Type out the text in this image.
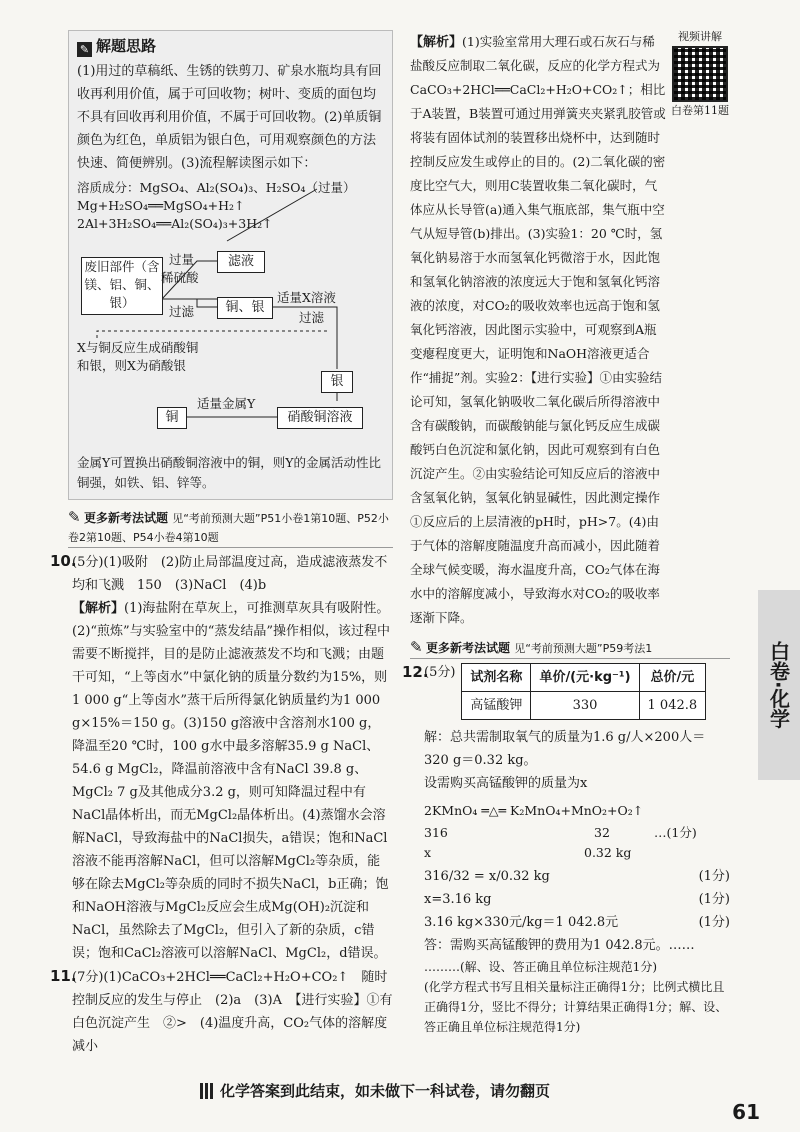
✎ 解题思路
(1)用过的草稿纸、生锈的铁剪刀、矿泉水瓶均具有回收再利用价值，属于可回收物；树叶、变质的面包均不具有回收再利用价值，不属于可回收物。(2)单质铜颜色为红色，单质铝为银白色，可用观察颜色的方法快速、简便辨别。(3)流程解读图示如下：
溶质成分：MgSO₄、Al₂(SO₄)₃、H₂SO₄（过量）
Mg+H₂SO₄══MgSO₄+H₂↑
2Al+3H₂SO₄══Al₂(SO₄)₃+3H₂↑
废旧部件（含镁、铝、铜、银）
过量
稀硫酸
过滤
滤液
铜、银
适量X溶液
过滤
X与铜反应生成硝酸铜和银，则X为硝酸银
银
适量金属Y
硝酸铜溶液
铜
金属Y可置换出硝酸铜溶液中的铜，则Y的金属活动性比铜强，如铁、铝、锌等。
✎ 更多新考法试题 见“考前预测大题”P51小卷1第10题、P52小卷2第10题、P54小卷4第10题
10.(5分)(1)吸附　(2)防止局部温度过高，造成滤液蒸发不均和飞溅　150　(3)NaCl　(4)b
【解析】(1)海盐附在草灰上，可推测草灰具有吸附性。(2)“煎炼”与实验室中的“蒸发结晶”操作相似，该过程中需要不断搅拌，目的是防止滤液蒸发不均和飞溅；由题干可知，“上等卤水”中氯化钠的质量分数约为15%，则1 000 g“上等卤水”蒸干后所得氯化钠质量约为1 000 g×15%＝150 g。(3)150 g溶液中含溶剂水100 g，降温至20 ℃时，100 g水中最多溶解35.9 g NaCl、54.6 g MgCl₂，降温前溶液中含有NaCl 39.8 g、MgCl₂ 7 g及其他成分3.2 g，则可知降温过程中有NaCl晶体析出，而无MgCl₂晶体析出。(4)蒸馏水会溶解NaCl，导致海盐中的NaCl损失，a错误；饱和NaCl溶液不能再溶解NaCl，但可以溶解MgCl₂等杂质，能够在除去MgCl₂等杂质的同时不损失NaCl，b正确；饱和NaOH溶液与MgCl₂反应会生成Mg(OH)₂沉淀和NaCl，虽然除去了MgCl₂，但引入了新的杂质，c错误；饱和CaCl₂溶液可以溶解NaCl、MgCl₂，d错误。
11.(7分)(1)CaCO₃+2HCl══CaCl₂+H₂O+CO₂↑　随时控制反应的发生与停止　(2)a　(3)A　【进行实验】①有白色沉淀产生　②>　(4)温度升高，CO₂气体的溶解度减小
视频讲解
白卷第11题
【解析】(1)实验室常用大理石或石灰石与稀盐酸反应制取二氧化碳，反应的化学方程式为CaCO₃+2HCl══CaCl₂+H₂O+CO₂↑；相比于A装置，B装置可通过用弹簧夹夹紧乳胶管或将装有固体试剂的装置移出烧杯中，达到随时控制反应发生或停止的目的。(2)二氧化碳的密度比空气大，则用C装置收集二氧化碳时，气体应从长导管(a)通入集气瓶底部，集气瓶中空气从短导管(b)排出。(3)实验1：20 ℃时，氢氧化钠易溶于水而氢氧化钙微溶于水，因此饱和氢氧化钠溶液的浓度远大于饱和氢氧化钙溶液的浓度，对CO₂的吸收效率也远高于饱和氢氧化钙溶液，因此图示实验中，可观察到A瓶变瘪程度更大，证明饱和NaOH溶液更适合作“捕捉”剂。实验2：【进行实验】①由实验结论可知，氢氧化钠吸收二氧化碳后所得溶液中含有碳酸钠，而碳酸钠能与氯化钙反应生成碳酸钙白色沉淀和氯化钠，因此可观察到有白色沉淀产生。②由实验结论可知反应后的溶液中含氢氧化钠，氢氧化钠显碱性，因此测定操作①反应后的上层清液的pH时，pH>7。(4)由于气体的溶解度随温度升高而减小，因此随着全球气候变暖，海水温度升高，CO₂气体在海水中的溶解度减小，导致海水对CO₂的吸收率逐渐下降。
✎ 更多新考法试题 见“考前预测大题”P59考法1
12.
(5分) 试剂名称	单价/(元·kg⁻¹)	总价/元
高锰酸钾	330	1 042.8
解：总共需制取氧气的质量为1.6 g/人×200人＝320 g＝0.32 kg。
设需购买高锰酸钾的质量为x
2KMnO₄ ═△═ K₂MnO₄+MnO₂+O₂↑
316	32
x	0.32 kg
…(1分)
316/32 = x/0.32 kg	(1分)
x=3.16 kg	(1分)
3.16 kg×330元/kg＝1 042.8元	(1分)
答：需购买高锰酸钾的费用为1 042.8元。……
………(解、设、答正确且单位标注规范1分)
(化学方程式书写且相关量标注正确得1分；比例式横比且正确得1分，竖比不得分；计算结果正确得1分；解、设、答正确且单位标注规范得1分)
白卷·化学
化学答案到此结束，如未做下一科试卷，请勿翻页
61
